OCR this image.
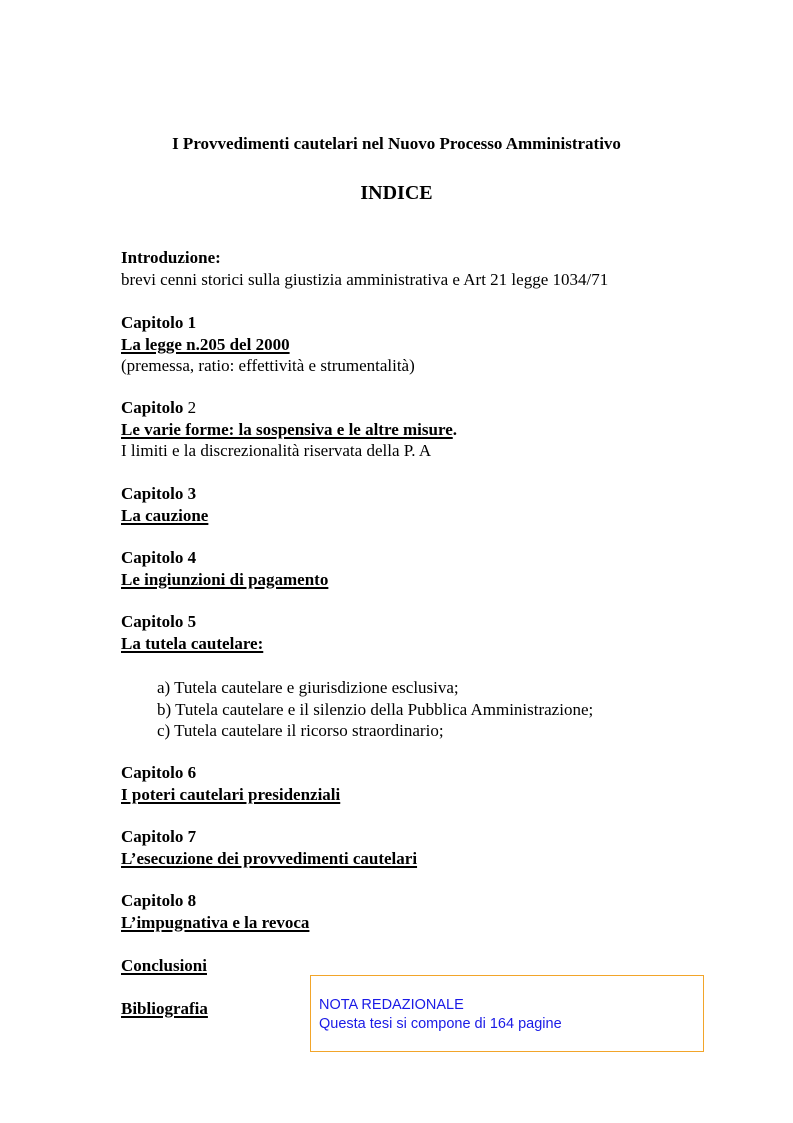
I Provvedimenti cautelari nel Nuovo Processo Amministrativo
INDICE
Introduzione:
brevi cenni storici sulla giustizia amministrativa e Art 21 legge 1034/71
Capitolo 1
La legge n.205 del 2000
(premessa, ratio: effettività e strumentalità)
Capitolo 2
Le varie forme: la sospensiva e le altre misure.
I limiti e la discrezionalità riservata della P. A
Capitolo 3
La cauzione
Capitolo 4
Le ingiunzioni di pagamento
Capitolo 5
La tutela cautelare:
a) Tutela cautelare e giurisdizione esclusiva;
b) Tutela cautelare e il silenzio della Pubblica Amministrazione;
c) Tutela cautelare il ricorso straordinario;
Capitolo 6
I poteri cautelari presidenziali
Capitolo 7
L’esecuzione dei provvedimenti cautelari
Capitolo 8
L’impugnativa e la revoca
Conclusioni
Bibliografia	NOTA REDAZIONALE
Questa tesi si compone di 164 pagine
